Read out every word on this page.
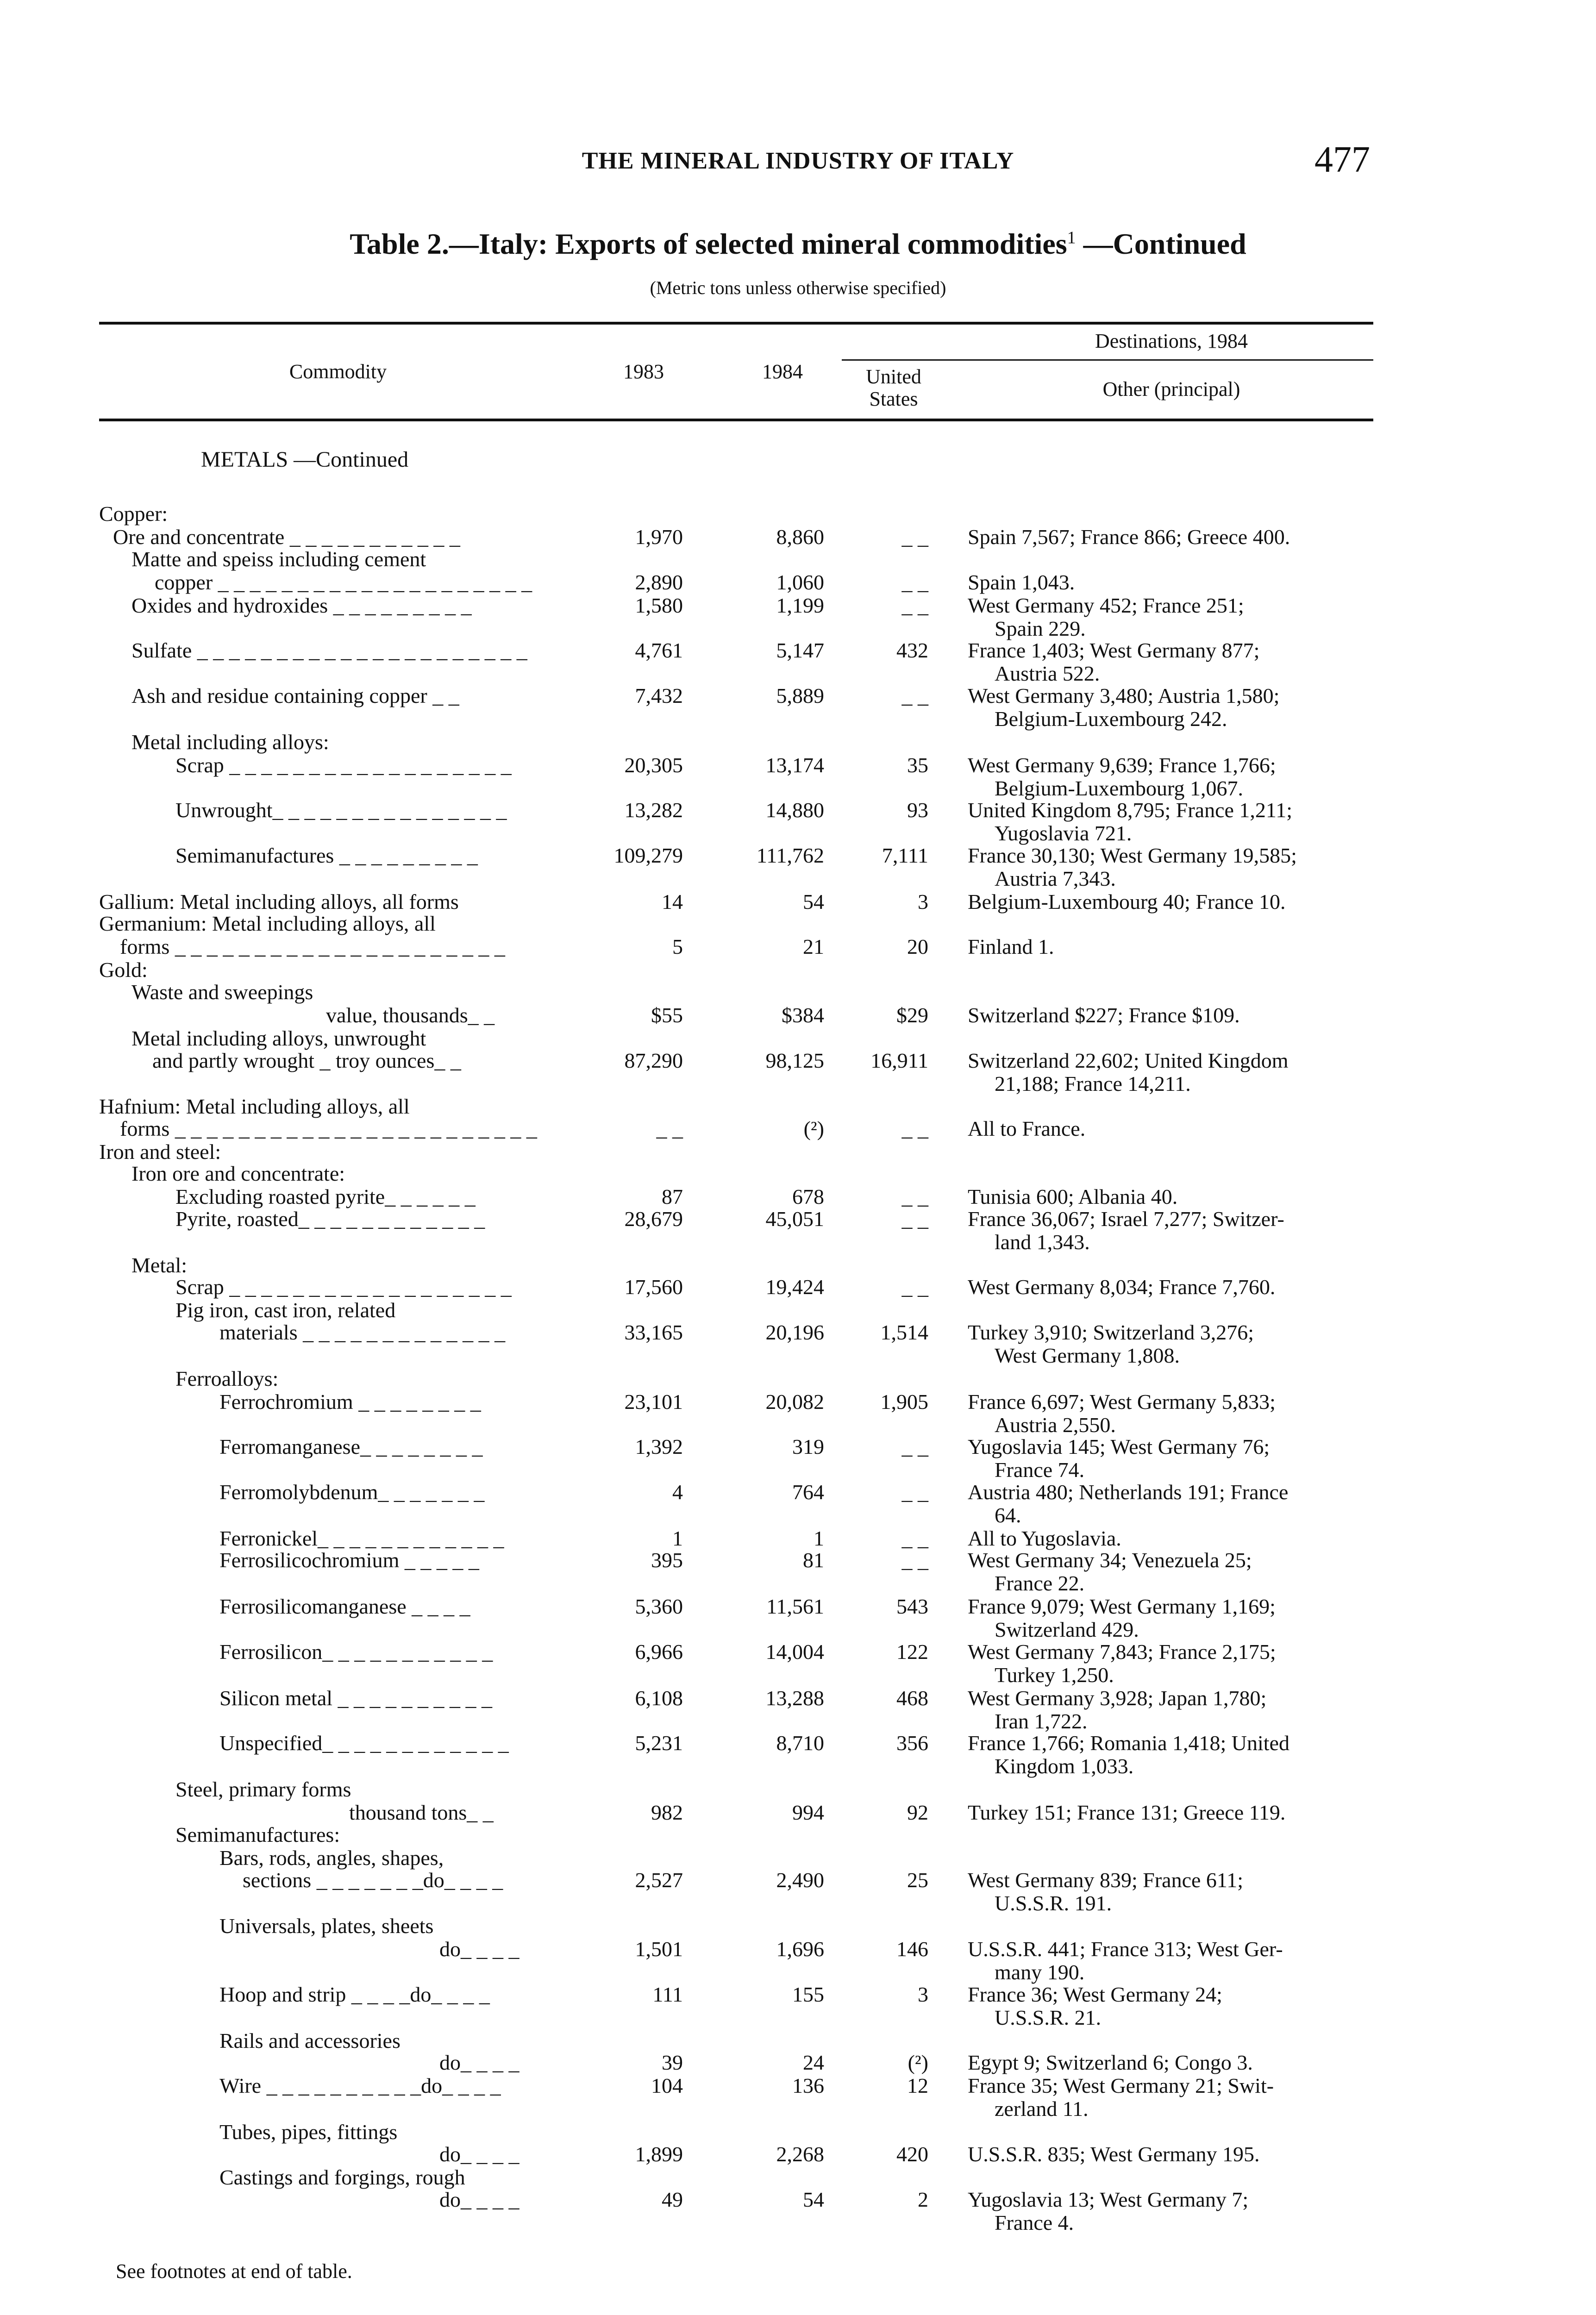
THE MINERAL INDUSTRY OF ITALY	477
Table 2.—Italy: Exports of selected mineral commodities$^1$ —Continued
(Metric tons unless otherwise specified)
Commodity	1983	1984
Destinations, 1984
United
States	Other (principal)
METALS —Continued
Copper:
Ore and concentrate _ _ _ _ _ _ _ _ _ _ _	1,970	8,860	_ _ Spain 7,567; France 866; Greece 400.
Matte and speiss including cement
copper _ _ _ _ _ _ _ _ _ _ _ _ _ _ _ _ _ _ _ _	2,890	1,060	_ _ Spain 1,043.
Oxides and hydroxides _ _ _ _ _ _ _ _ _	1,580	1,199	_ _ West Germany 452; France 251;
Spain 229.
Sulfate _ _ _ _ _ _ _ _ _ _ _ _ _ _ _ _ _ _ _ _ _	4,761	5,147	432 France 1,403; West Germany 877;
Austria 522.
Ash and residue containing copper _ _	7,432	5,889	_ _ West Germany 3,480; Austria 1,580;
Belgium-Luxembourg 242.
Metal including alloys:
Scrap _ _ _ _ _ _ _ _ _ _ _ _ _ _ _ _ _ _	20,305	13,174	35 West Germany 9,639; France 1,766;
Belgium-Luxembourg 1,067.
Unwrought_ _ _ _ _ _ _ _ _ _ _ _ _ _ _	13,282	14,880	93 United Kingdom 8,795; France 1,211;
Yugoslavia 721.
Semimanufactures _ _ _ _ _ _ _ _ _	109,279	111,762	7,111 France 30,130; West Germany 19,585;
Austria 7,343.
Gallium: Metal including alloys, all forms	14	54	3 Belgium-Luxembourg 40; France 10.
Germanium: Metal including alloys, all
forms _ _ _ _ _ _ _ _ _ _ _ _ _ _ _ _ _ _ _ _ _	5	21	20 Finland 1.
Gold:
Waste and sweepings
value, thousands_ _	$55	$384	$29 Switzerland $227; France $109.
Metal including alloys, unwrought
and partly wrought _ troy ounces_ _	87,290	98,125 16,911 Switzerland 22,602; United Kingdom
21,188; France 14,211.
Hafnium: Metal including alloys, all
forms _ _ _ _ _ _ _ _ _ _ _ _ _ _ _ _ _ _ _ _ _ _ _	_ _	(²)	_ _ All to France.
Iron and steel:
Iron ore and concentrate:
Excluding roasted pyrite_ _ _ _ _ _	87	678	_ _ Tunisia 600; Albania 40.
Pyrite, roasted_ _ _ _ _ _ _ _ _ _ _ _	28,679	45,051	_ _ France 36,067; Israel 7,277; Switzer-
land 1,343.
Metal:
Scrap _ _ _ _ _ _ _ _ _ _ _ _ _ _ _ _ _ _	17,560	19,424	_ _ West Germany 8,034; France 7,760.
Pig iron, cast iron, related
materials _ _ _ _ _ _ _ _ _ _ _ _ _	33,165	20,196	1,514 Turkey 3,910; Switzerland 3,276;
West Germany 1,808.
Ferroalloys:
Ferrochromium _ _ _ _ _ _ _ _	23,101	20,082	1,905 France 6,697; West Germany 5,833;
Austria 2,550.
Ferromanganese_ _ _ _ _ _ _ _	1,392	319	_ _ Yugoslavia 145; West Germany 76;
France 74.
Ferromolybdenum_ _ _ _ _ _ _	4	764	_ _ Austria 480; Netherlands 191; France
64.
Ferronickel_ _ _ _ _ _ _ _ _ _ _ _	1	1	_ _ All to Yugoslavia.
Ferrosilicochromium _ _ _ _ _	395	81	_ _ West Germany 34; Venezuela 25;
France 22.
Ferrosilicomanganese _ _ _ _	5,360	11,561	543 France 9,079; West Germany 1,169;
Switzerland 429.
Ferrosilicon_ _ _ _ _ _ _ _ _ _ _	6,966	14,004	122 West Germany 7,843; France 2,175;
Turkey 1,250.
Silicon metal _ _ _ _ _ _ _ _ _ _	6,108	13,288	468 West Germany 3,928; Japan 1,780;
Iran 1,722.
Unspecified_ _ _ _ _ _ _ _ _ _ _ _	5,231	8,710	356 France 1,766; Romania 1,418; United
Kingdom 1,033.
Steel, primary forms
thousand tons_ _	982	994	92 Turkey 151; France 131; Greece 119.
Semimanufactures:
Bars, rods, angles, shapes,
sections _ _ _ _ _ _ _do_ _ _ _	2,527	2,490	25 West Germany 839; France 611;
U.S.S.R. 191.
Universals, plates, sheets
do_ _ _ _	1,501	1,696	146 U.S.S.R. 441; France 313; West Ger-
many 190.
Hoop and strip _ _ _ _do_ _ _ _	111	155	3 France 36; West Germany 24;
U.S.S.R. 21.
Rails and accessories
do_ _ _ _	39	24	(²) Egypt 9; Switzerland 6; Congo 3.
Wire _ _ _ _ _ _ _ _ _ _do_ _ _ _	104	136	12 France 35; West Germany 21; Swit-
zerland 11.
Tubes, pipes, fittings
do_ _ _ _	1,899	2,268	420 U.S.S.R. 835; West Germany 195.
Castings and forgings, rough
do_ _ _ _	49	54	2 Yugoslavia 13; West Germany 7;
France 4.
See footnotes at end of table.
